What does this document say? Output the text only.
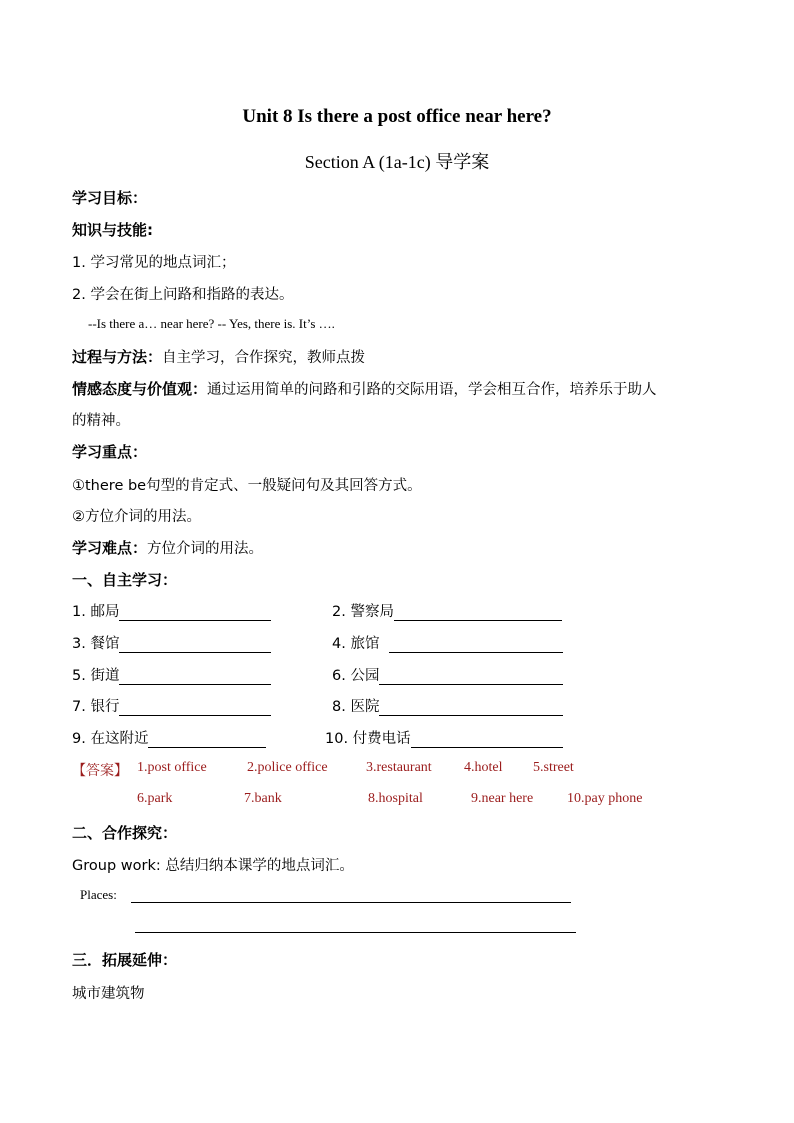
Unit 8 Is there a post office near here?
Section A (1a-1c) 导学案
学习目标：
知识与技能:
1. 学习常见的地点词汇；
2. 学会在街上问路和指路的表达。
--Is there a… near here? -- Yes, there is. It’s ….
过程与方法：自主学习，合作探究，教师点拨
情感态度与价值观：通过运用简单的问路和引路的交际用语，学会相互合作，培养乐于助人
的精神。
学习重点：
①there be句型的肯定式、一般疑问句及其回答方式。
②方位介词的用法。
学习难点：方位介词的用法。
一、自主学习：
1. 邮局	2. 警察局
3. 餐馆	4. 旅馆
5. 街道	6. 公园
7. 银行	8. 医院
9. 在这附近	10. 付费电话
【答案】 1.post office	2.police office	3.restaurant 4.hotel 5.street
6.park	7.bank	8.hospital	9.near here 10.pay phone
二、合作探究：
Group work: 总结归纳本课学的地点词汇。
Places:
三．拓展延伸：
城市建筑物
